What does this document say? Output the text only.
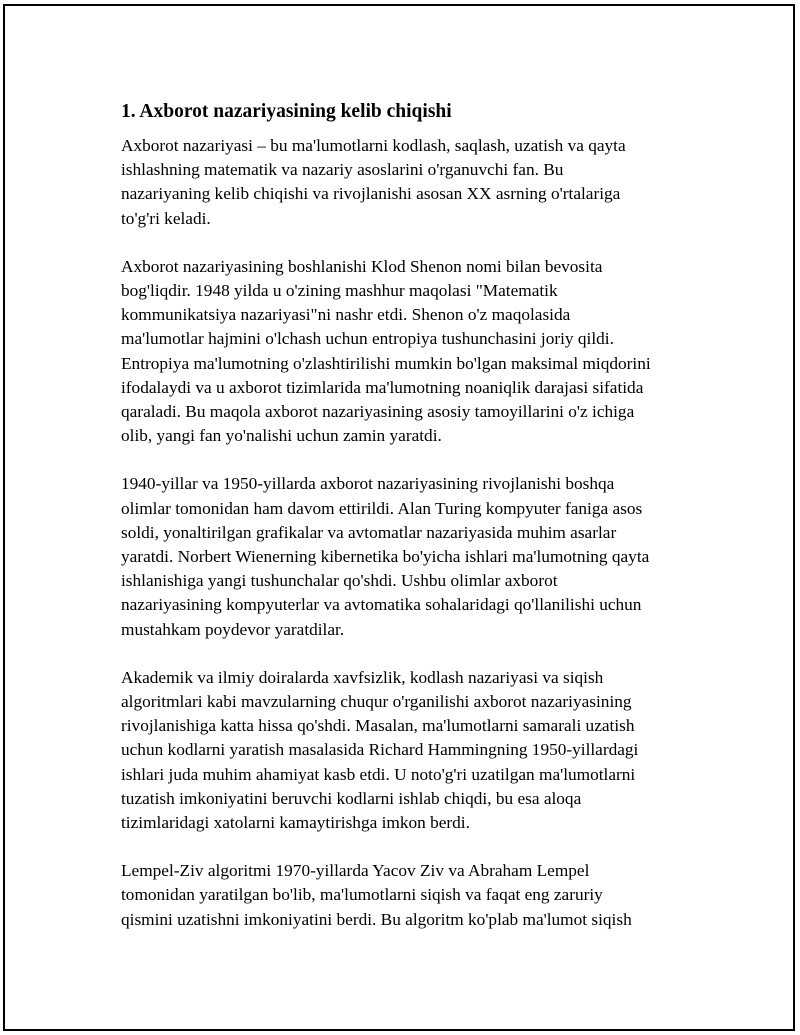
1. Axborot nazariyasining kelib chiqishi
Axborot nazariyasi – bu ma'lumotlarni kodlash, saqlash, uzatish va qayta
ishlashning matematik va nazariy asoslarini o'rganuvchi fan. Bu
nazariyaning kelib chiqishi va rivojlanishi asosan XX asrning o'rtalariga
to'g'ri keladi.
Axborot nazariyasining boshlanishi Klod Shenon nomi bilan bevosita
bog'liqdir. 1948 yilda u o'zining mashhur maqolasi "Matematik
kommunikatsiya nazariyasi"ni nashr etdi. Shenon o'z maqolasida
ma'lumotlar hajmini o'lchash uchun entropiya tushunchasini joriy qildi.
Entropiya ma'lumotning o'zlashtirilishi mumkin bo'lgan maksimal miqdorini
ifodalaydi va u axborot tizimlarida ma'lumotning noaniqlik darajasi sifatida
qaraladi. Bu maqola axborot nazariyasining asosiy tamoyillarini o'z ichiga
olib, yangi fan yo'nalishi uchun zamin yaratdi.
1940-yillar va 1950-yillarda axborot nazariyasining rivojlanishi boshqa
olimlar tomonidan ham davom ettirildi. Alan Turing kompyuter faniga asos
soldi, yonaltirilgan grafikalar va avtomatlar nazariyasida muhim asarlar
yaratdi. Norbert Wienerning kibernetika bo'yicha ishlari ma'lumotning qayta
ishlanishiga yangi tushunchalar qo'shdi. Ushbu olimlar axborot
nazariyasining kompyuterlar va avtomatika sohalaridagi qo'llanilishi uchun
mustahkam poydevor yaratdilar.
Akademik va ilmiy doiralarda xavfsizlik, kodlash nazariyasi va siqish
algoritmlari kabi mavzularning chuqur o'rganilishi axborot nazariyasining
rivojlanishiga katta hissa qo'shdi. Masalan, ma'lumotlarni samarali uzatish
uchun kodlarni yaratish masalasida Richard Hammingning 1950-yillardagi
ishlari juda muhim ahamiyat kasb etdi. U noto'g'ri uzatilgan ma'lumotlarni
tuzatish imkoniyatini beruvchi kodlarni ishlab chiqdi, bu esa aloqa
tizimlaridagi xatolarni kamaytirishga imkon berdi.
Lempel-Ziv algoritmi 1970-yillarda Yacov Ziv va Abraham Lempel
tomonidan yaratilgan bo'lib, ma'lumotlarni siqish va faqat eng zaruriy
qismini uzatishni imkoniyatini berdi. Bu algoritm ko'plab ma'lumot siqish
